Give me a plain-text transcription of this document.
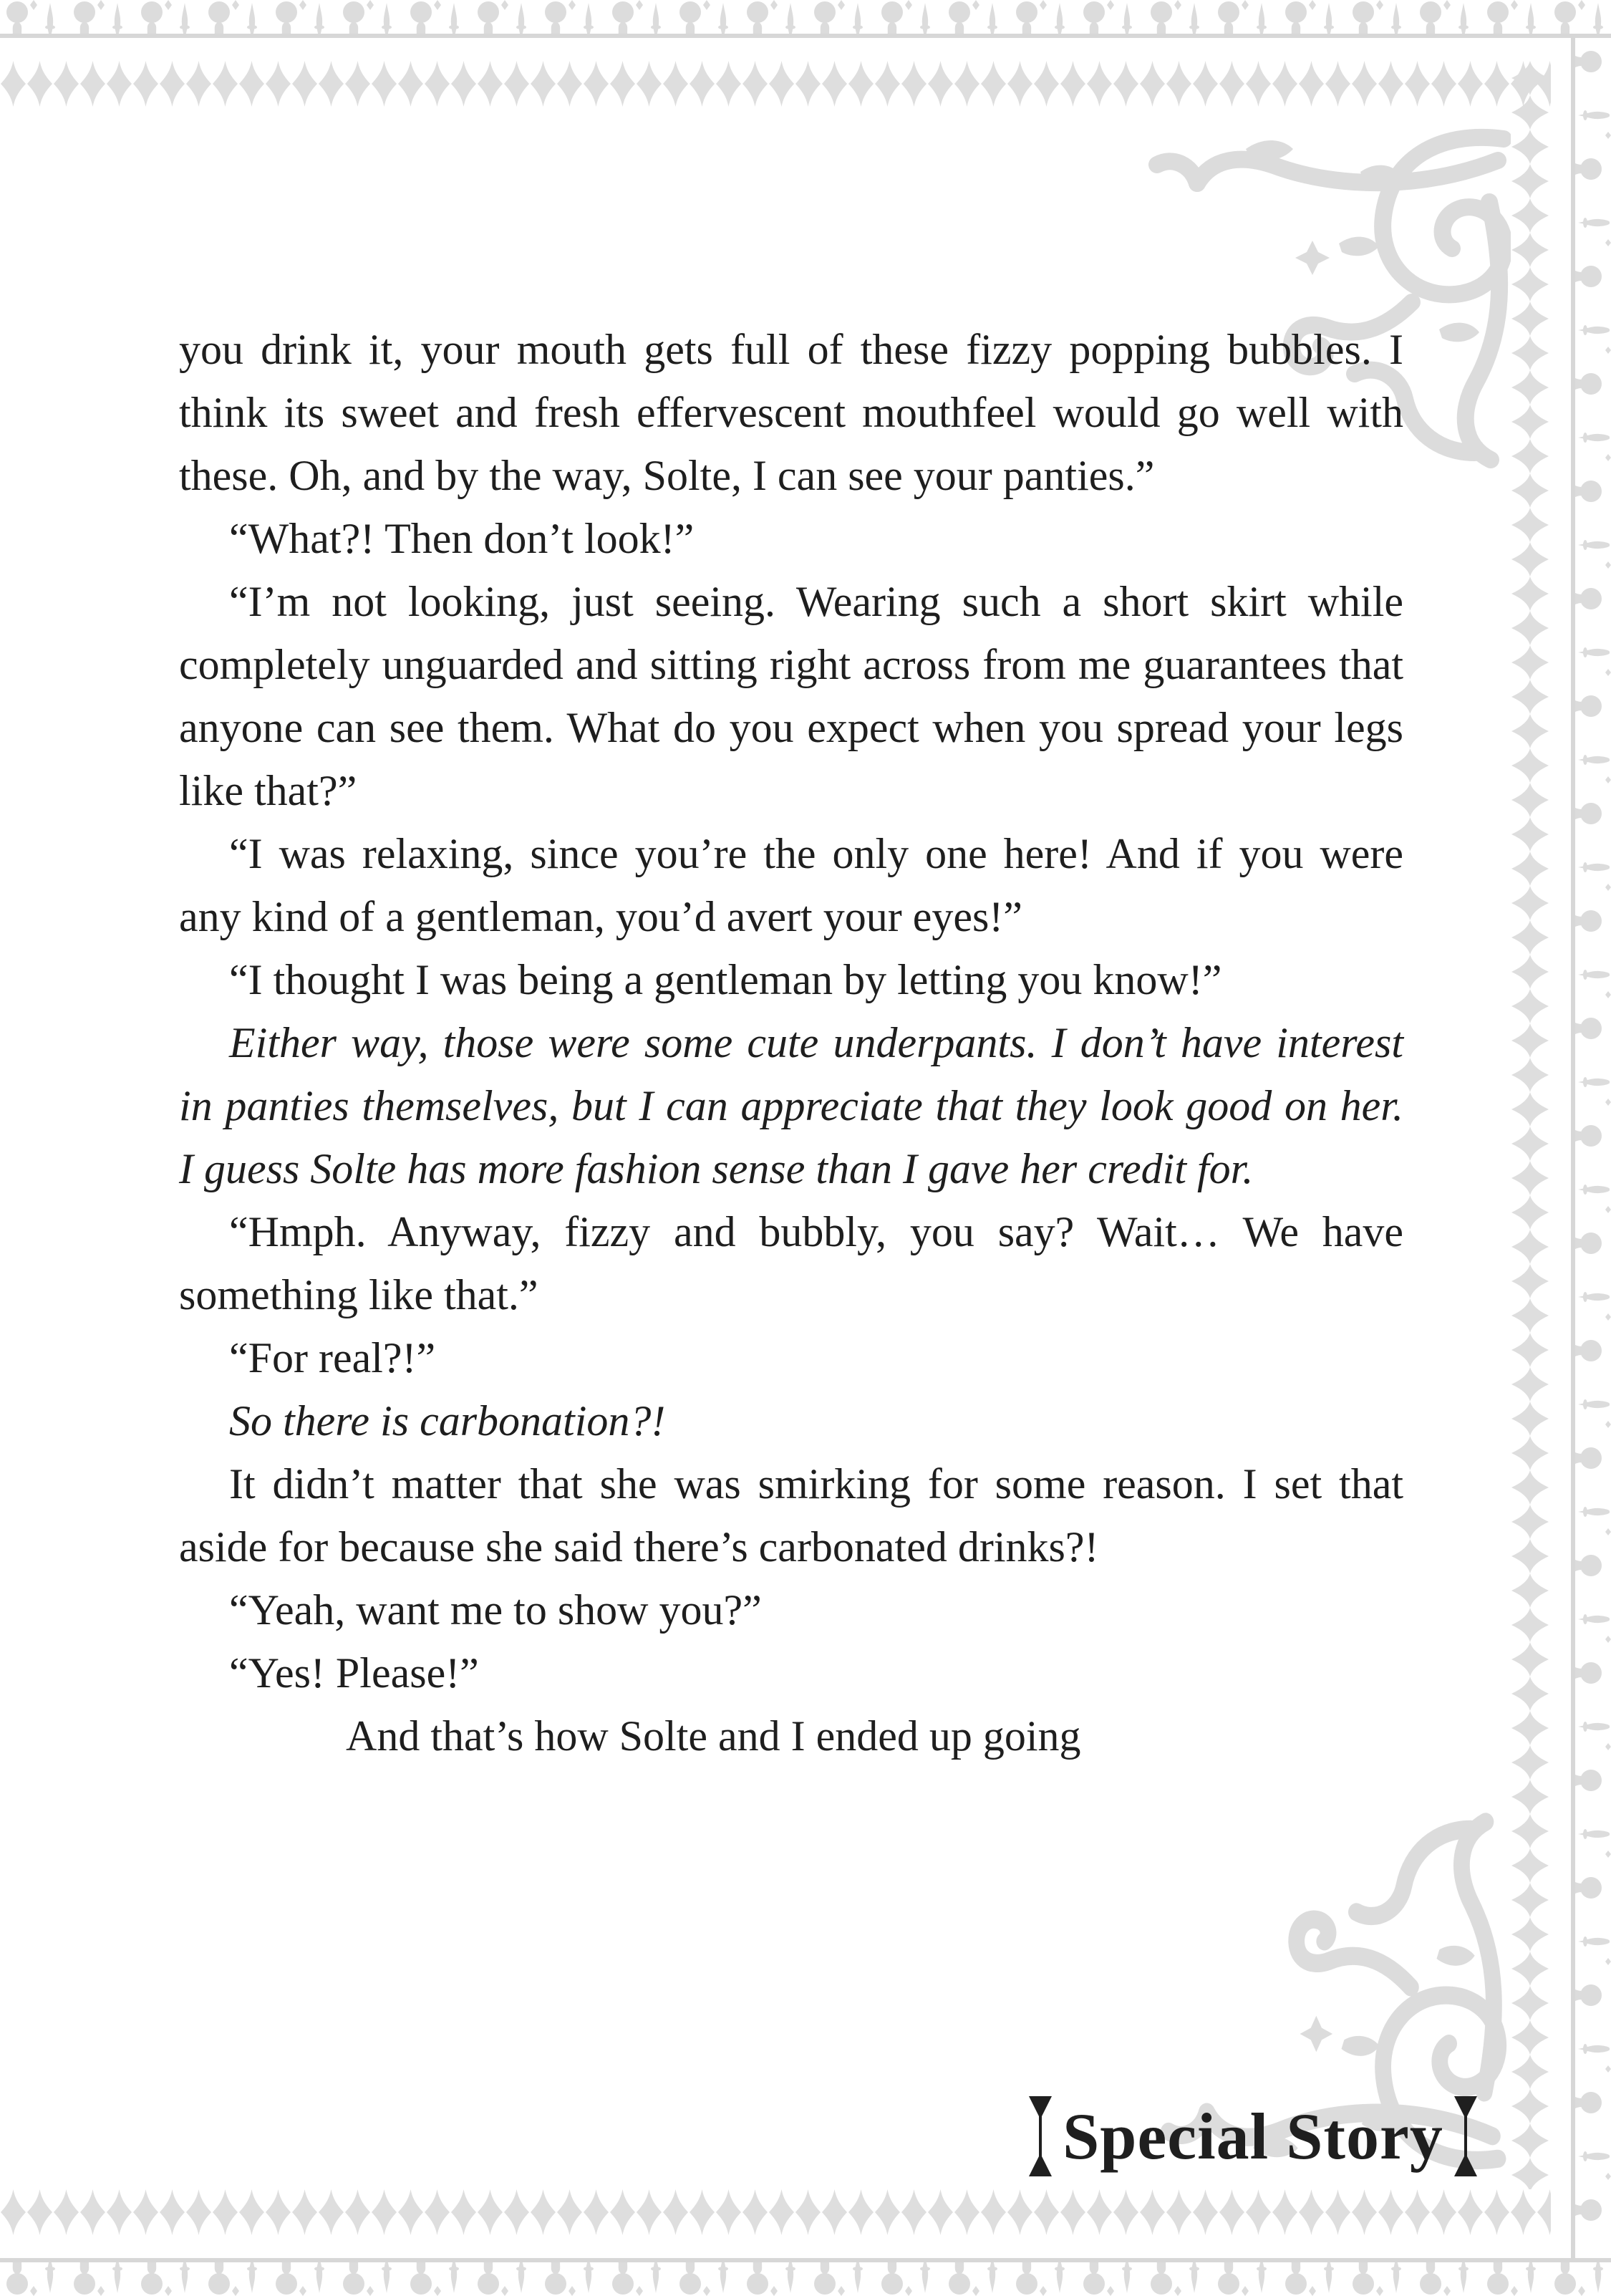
you drink it, your mouth gets full of these fizzy popping bubbles. I think its sweet and fresh effervescent mouthfeel would go well with these. Oh, and by the way, Solte, I can see your panties.”

“What?! Then don’t look!”

“I’m not looking, just seeing. Wearing such a short skirt while completely unguarded and sitting right across from me guarantees that anyone can see them. What do you expect when you spread your legs like that?”

“I was relaxing, since you’re the only one here! And if you were any kind of a gentleman, you’d avert your eyes!”

“I thought I was being a gentleman by letting you know!”

Either way, those were some cute underpants. I don’t have interest in panties themselves, but I can appreciate that they look good on her. I guess Solte has more fashion sense than I gave her credit for.

“Hmph. Anyway, fizzy and bubbly, you say? Wait… We have something like that.”

“For real?!”

So there is carbonation?!

It didn’t matter that she was smirking for some reason. I set that aside for because she said there’s carbonated drinks?!

“Yeah, want me to show you?”

“Yes! Please!”

And that’s how Solte and I ended up going

Special Story
